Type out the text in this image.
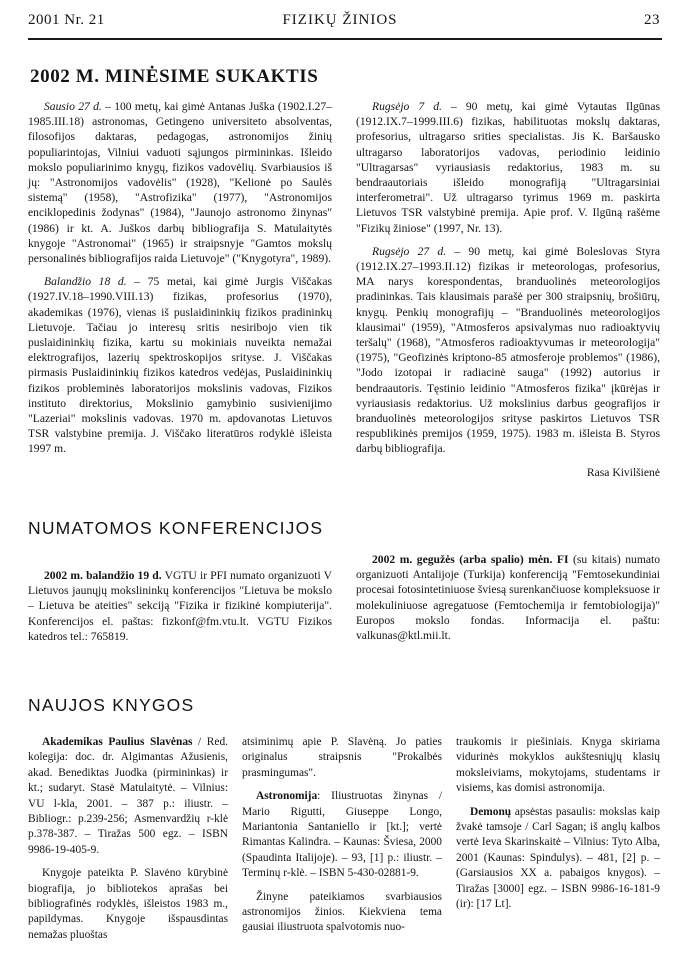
2001 Nr. 21	FIZIKŲ ŽINIOS	23
2002 M. MINĖSIME SUKAKTIS

Sausio 27 d. – 100 metų, kai gimė Antanas Juška (1902.I.27–1985.III.18) astronomas, Getingeno universiteto absolventas, filosofijos daktaras, pedagogas, astronomijos žinių populiarintojas, Vilniui vaduoti sąjungos pirmininkas. Išleido mokslo populiarinimo knygų, fizikos vadovėlių. Svarbiausios iš jų: "Astronomijos vadovėlis" (1928), "Kelionė po Saulės sistemą" (1958), "Astrofizika" (1977), "Astronomijos enciklopedinis žodynas" (1984), "Jaunojo astronomo žinynas" (1986) ir kt. A. Juškos darbų bibliografija S. Matulaitytės knygoje "Astronomai" (1965) ir straipsnyje "Gamtos mokslų personalinės bibliografijos raida Lietuvoje" ("Knygotyra", 1989).

Balandžio 18 d. – 75 metai, kai gimė Jurgis Viščakas (1927.IV.18–1990.VIII.13) fizikas, profesorius (1970), akademikas (1976), vienas iš puslaidininkių fizikos pradininkų Lietuvoje. Tačiau jo interesų sritis nesiribojo vien tik puslaidininkių fizika, kartu su mokiniais nuveikta nemažai elektrografijos, lazerių spektroskopijos srityse. J. Viščakas pirmasis Puslaidininkių fizikos katedros vedėjas, Puslaidininkių fizikos probleminės laboratorijos mokslinis vadovas, Fizikos instituto direktorius, Mokslinio gamybinio susivienijimo "Lazeriai" mokslinis vadovas. 1970 m. apdovanotas Lietuvos TSR valstybine premija. J. Viščako literatūros rodyklė išleista 1997 m.

Rugsėjo 7 d. – 90 metų, kai gimė Vytautas Ilgūnas (1912.IX.7–1999.III.6) fizikas, habilituotas mokslų daktaras, profesorius, ultragarso srities specialistas. Jis K. Baršausko ultragarso laboratorijos vadovas, periodinio leidinio "Ultragarsas" vyriausiasis redaktorius, 1983 m. su bendraautoriais išleido monografiją "Ultragarsiniai interferometrai". Už ultragarso tyrimus 1969 m. paskirta Lietuvos TSR valstybinė premija. Apie prof. V. Ilgūną rašėme "Fizikų žiniose" (1997, Nr. 13).

Rugsėjo 27 d. – 90 metų, kai gimė Boleslovas Styra (1912.IX.27–1993.II.12) fizikas ir meteorologas, profesorius, MA narys korespondentas, branduolinės meteorologijos pradininkas. Tais klausimais parašė per 300 straipsnių, brošiūrų, knygų. Penkių monografijų – "Branduolinės meteorologijos klausimai" (1959), "Atmosferos apsivalymas nuo radioaktyvių teršalų" (1968), "Atmosferos radioaktyvumas ir meteorologija" (1975), "Geofizinės kriptono-85 atmosferoje problemos" (1986), "Jodo izotopai ir radiacinė sauga" (1992) autorius ir bendraautoris. Tęstinio leidinio "Atmosferos fizika" įkūrėjas ir vyriausiasis redaktorius. Už mokslinius darbus geografijos ir branduolinės meteorologijos srityse paskirtos Lietuvos TSR respublikinės premijos (1959, 1975). 1983 m. išleista B. Styros darbų bibliografija.

Rasa Kivilšienė

NUMATOMOS KONFERENCIJOS

2002 m. balandžio 19 d. VGTU ir PFI numato organizuoti V Lietuvos jaunųjų mokslininkų konferencijos "Lietuva be mokslo – Lietuva be ateities" sekciją "Fizika ir fizikinė kompiuterija". Konferencijos el. paštas: fizkonf@fm.vtu.lt. VGTU Fizikos katedros tel.: 765819.

2002 m. gegužės (arba spalio) mėn. FI (su kitais) numato organizuoti Antalijoje (Turkija) konferenciją "Femtosekundiniai procesai fotosintetiniuose šviesą surenkančiuose kompleksuose ir molekuliniuose agregatuose (Femtochemija ir femtobiologija)" Europos mokslo fondas. Informacija el. paštu: valkunas@ktl.mii.lt.

NAUJOS KNYGOS

Akademikas Paulius Slavėnas / Red. kolegija: doc. dr. Algimantas Ažusienis, akad. Benediktas Juodka (pirmininkas) ir kt.; sudaryt. Stasė Matulaitytė. – Vilnius: VU l-kla, 2001. – 387 p.: iliustr. – Bibliogr.: p.239-256; Asmenvardžių r-klė p.378-387. – Tiražas 500 egz. – ISBN 9986-19-405-9.

Knygoje pateikta P. Slavėno kūrybinė biografija, jo bibliotekos aprašas bei bibliografinės rodyklės, išleistos 1983 m., papildymas. Knygoje išspausdintas nemažas pluoštas

atsiminimų apie P. Slavėną. Jo paties originalus straipsnis "Prokalbės prasmingumas".

Astronomija: Iliustruotas žinynas / Mario Rigutti, Giuseppe Longo, Mariantonia Santaniello ir [kt.]; vertė Rimantas Kalindra. – Kaunas: Šviesa, 2000 (Spaudinta Italijoje). – 93, [1] p.: iliustr. – Terminų r-klė. – ISBN 5-430-02881-9.

Žinyne pateikiamos svarbiausios astronomijos žinios. Kiekviena tema gausiai iliustruota spalvotomis nuo-

traukomis ir piešiniais. Knyga skiriama vidurinės mokyklos aukštesniųjų klasių moksleiviams, mokytojams, studentams ir visiems, kas domisi astronomija.

Demonų apsėstas pasaulis: mokslas kaip žvakė tamsoje / Carl Sagan; iš anglų kalbos vertė Ieva Skarinskaitė – Vilnius: Tyto Alba, 2001 (Kaunas: Spindulys). – 481, [2] p. – (Garsiausios XX a. pabaigos knygos). – Tiražas [3000] egz. – ISBN 9986-16-181-9 (ir): [17 Lt].
